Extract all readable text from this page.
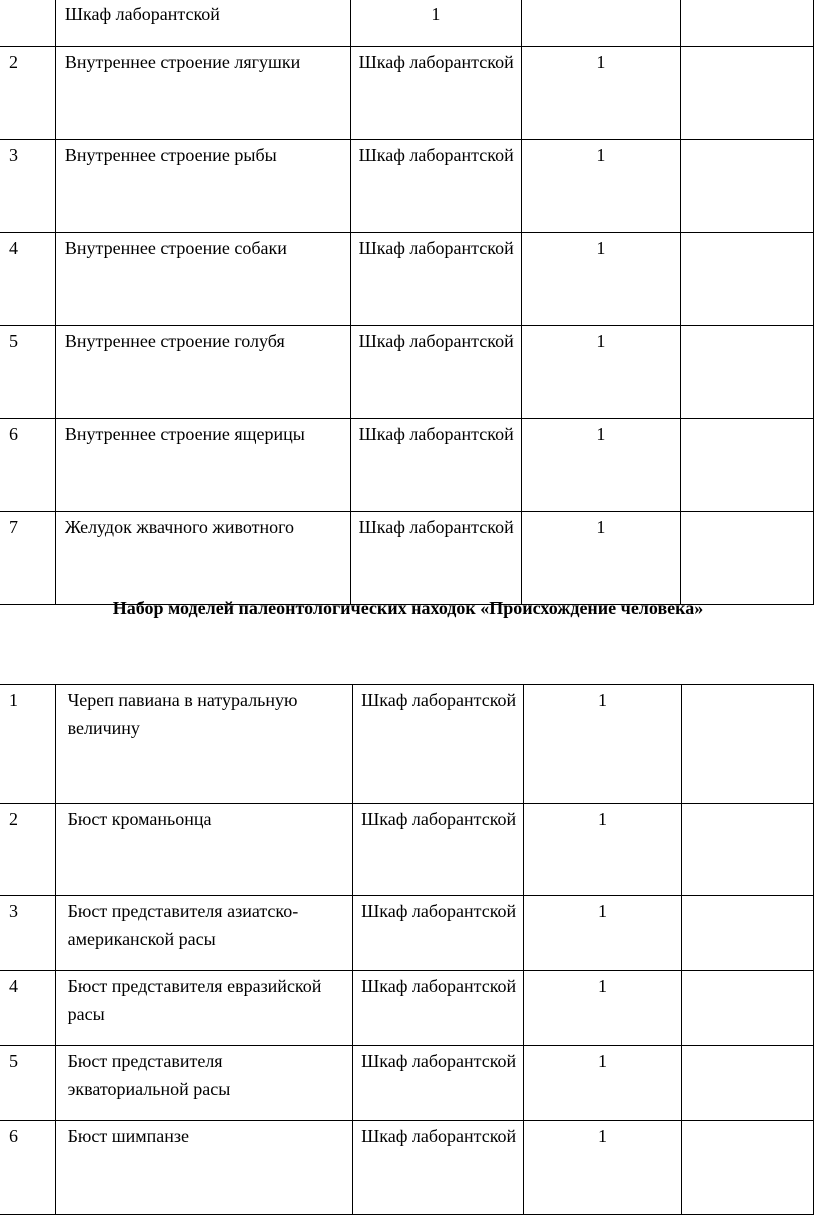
	Шкаф лаборантской	1		
2	Внутреннее строение лягушки	Шкаф лаборантской	1	
3	Внутреннее строение рыбы	Шкаф лаборантской	1	
4	Внутреннее строение собаки	Шкаф лаборантской	1	
5	Внутреннее строение голубя	Шкаф лаборантской	1	
6	Внутреннее строение ящерицы	Шкаф лаборантской	1	
7	Желудок жвачного животного	Шкаф лаборантской	1	
Набор моделей палеонтологических находок «Происхождение человека»
1	Череп павиана в натуральную величину	Шкаф лаборантской	1	
2	Бюст кроманьонца	Шкаф лаборантской	1	
3	Бюст представителя азиатско-американской расы	Шкаф лаборантской	1	
4	Бюст представителя евразийской расы	Шкаф лаборантской	1	
5	Бюст представителя экваториальной расы	Шкаф лаборантской	1	
6	Бюст шимпанзе	Шкаф лаборантской	1	
